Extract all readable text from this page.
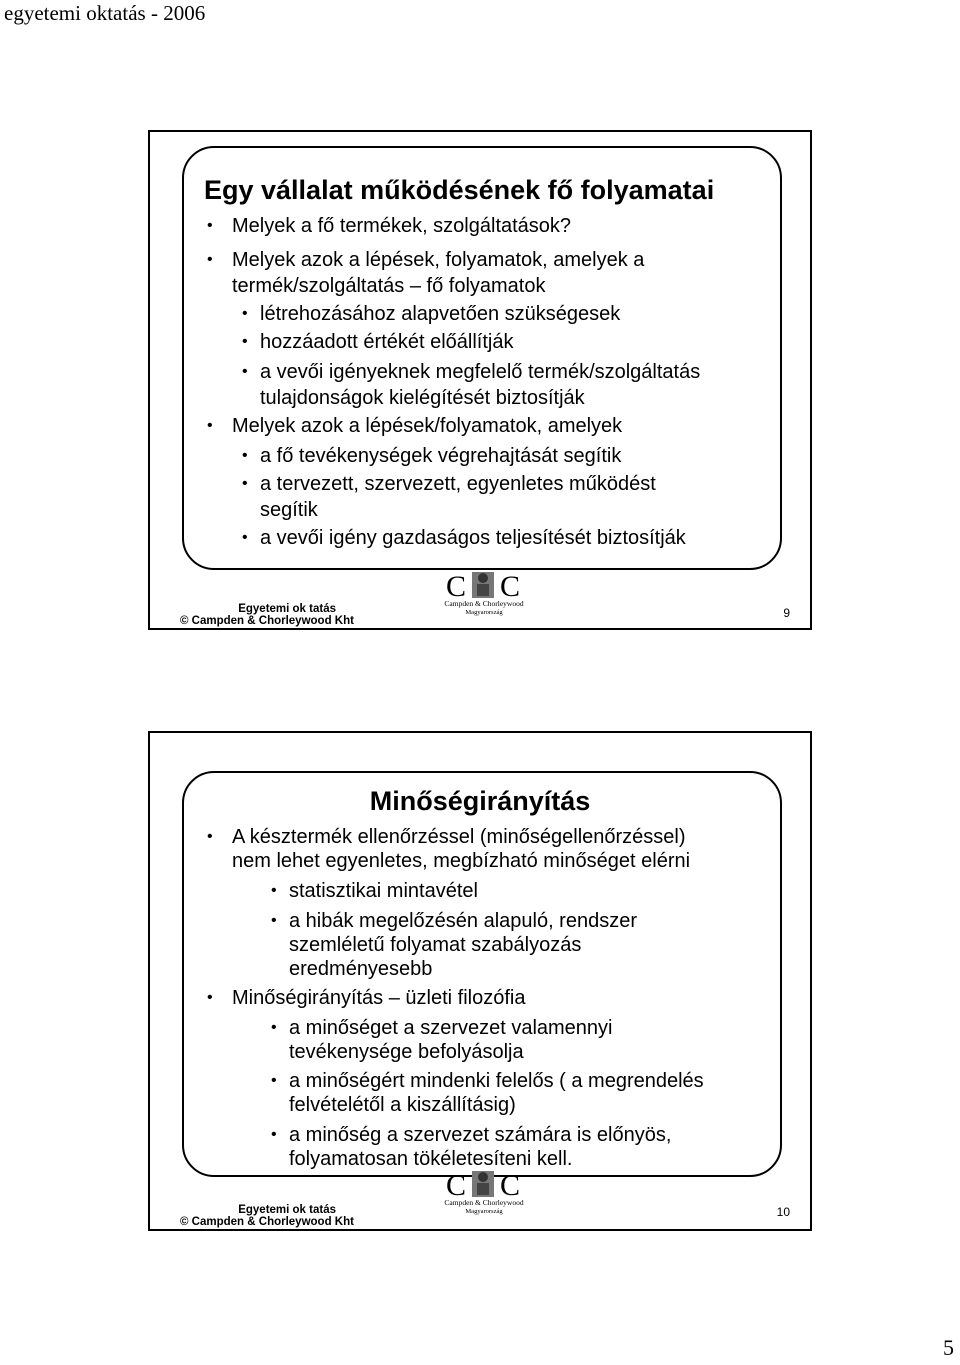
egyetemi oktatás - 2006
Egy vállalat működésének fő folyamatai
• Melyek a fő termékek, szolgáltatások?
• Melyek azok a lépések, folyamatok, amelyek a
termék/szolgáltatás – fő folyamatok
• létrehozásához alapvetően szükségesek
• hozzáadott értékét előállítják
• a vevői igényeknek megfelelő termék/szolgáltatás
tulajdonságok kielégítését biztosítják
• Melyek azok a lépések/folyamatok, amelyek
• a fő tevékenységek végrehajtását segítik
• a tervezett, szervezett, egyenletes működést
segítik
• a vevői igény gazdaságos teljesítését biztosítják
C C
Campden & Chorleywood
Magyarország
Egyetemi ok tatás
© Campden & Chorleywood Kht
9
Minőségirányítás
• A késztermék ellenőrzéssel (minőségellenőrzéssel)
nem lehet egyenletes, megbízható minőséget elérni
• statisztikai mintavétel
• a hibák megelőzésén alapuló, rendszer
szemléletű folyamat szabályozás
eredményesebb
• Minőségirányítás – üzleti filozófia
• a minőséget a szervezet valamennyi
tevékenysége befolyásolja
• a minőségért mindenki felelős ( a megrendelés
felvételétől a kiszállításig)
• a minőség a szervezet számára is előnyös,
folyamatosan tökéletesíteni kell.
C C
Campden & Chorleywood
Magyarország
Egyetemi ok tatás
© Campden & Chorleywood Kht
10
5
